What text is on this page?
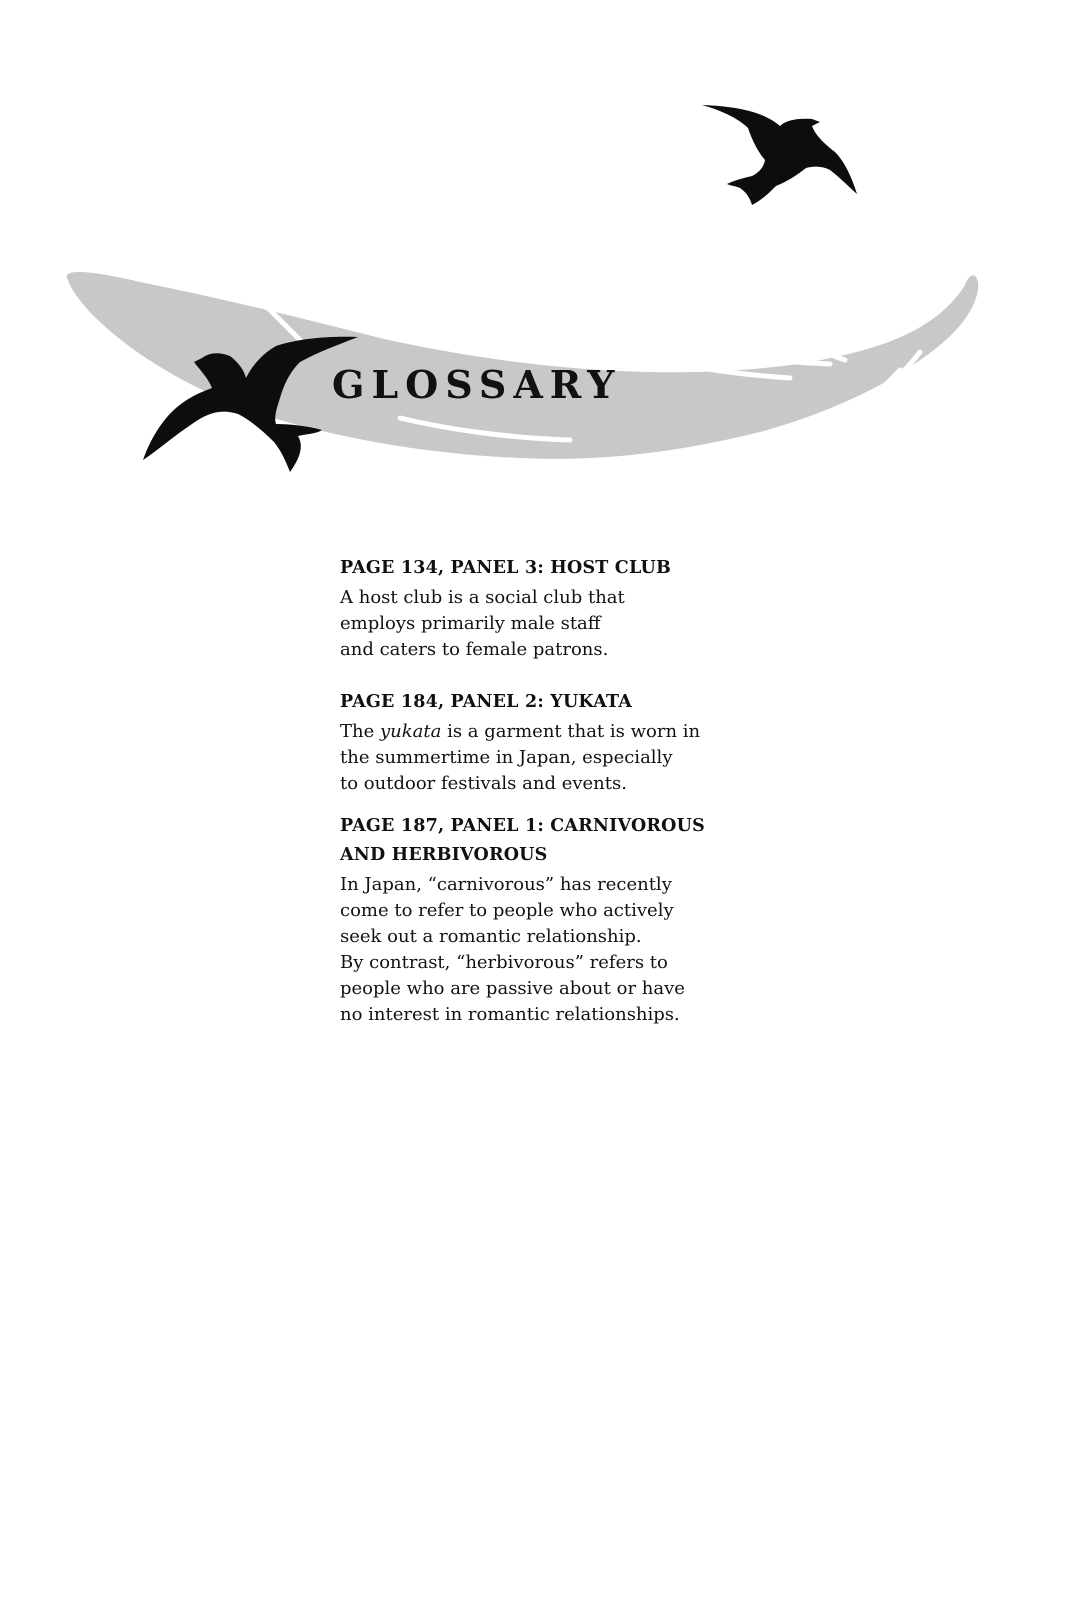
GLOSSARY

PAGE 134, PANEL 3: HOST CLUB

A host club is a social club that
employs primarily male staff
and caters to female patrons.

PAGE 184, PANEL 2: YUKATA

The yukata is a garment that is worn in
the summertime in Japan, especially
to outdoor festivals and events.

PAGE 187, PANEL 1: CARNIVOROUS
AND HERBIVOROUS

In Japan, “carnivorous” has recently
come to refer to people who actively
seek out a romantic relationship.
By contrast, “herbivorous” refers to
people who are passive about or have
no interest in romantic relationships.
